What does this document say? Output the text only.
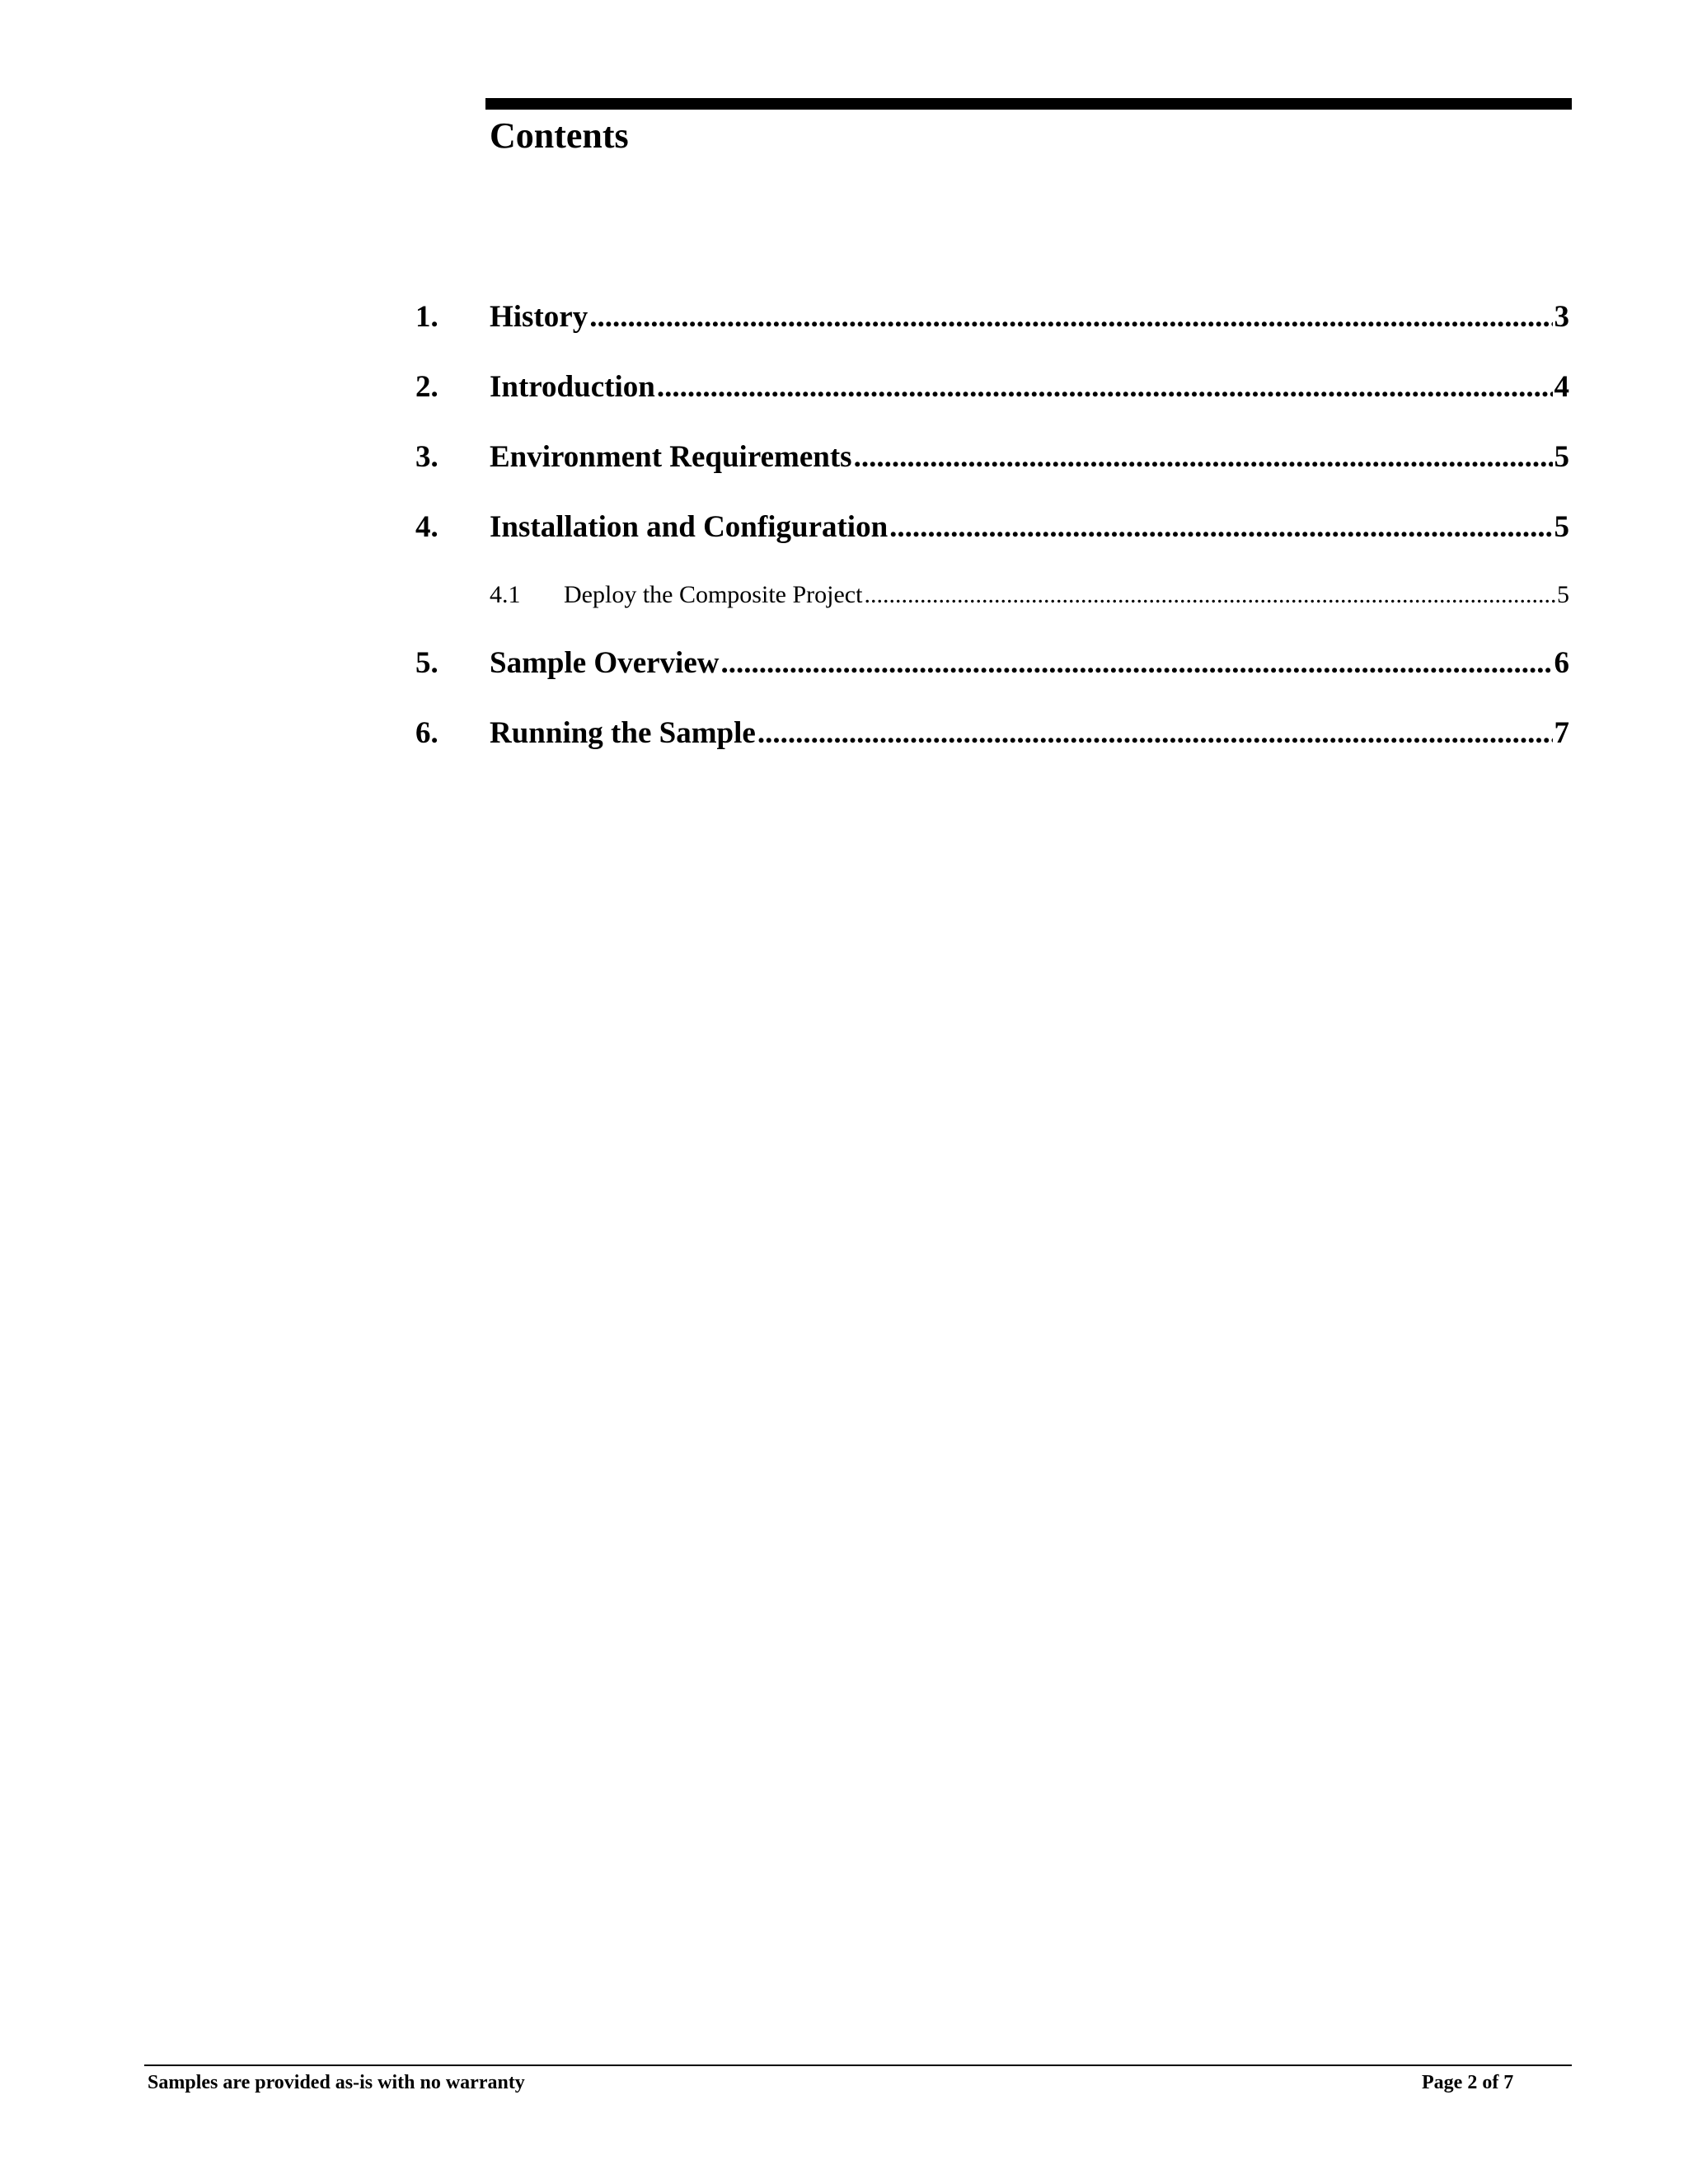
Contents
1.	History .....	3
2.	Introduction .....	4
3.	Environment Requirements .....	5
4.	Installation and Configuration .....	5
4.1	Deploy the Composite Project .....	5
5.	Sample Overview .....	6
6.	Running the Sample .....	7
Samples are provided as-is with no warranty	Page 2 of 7
